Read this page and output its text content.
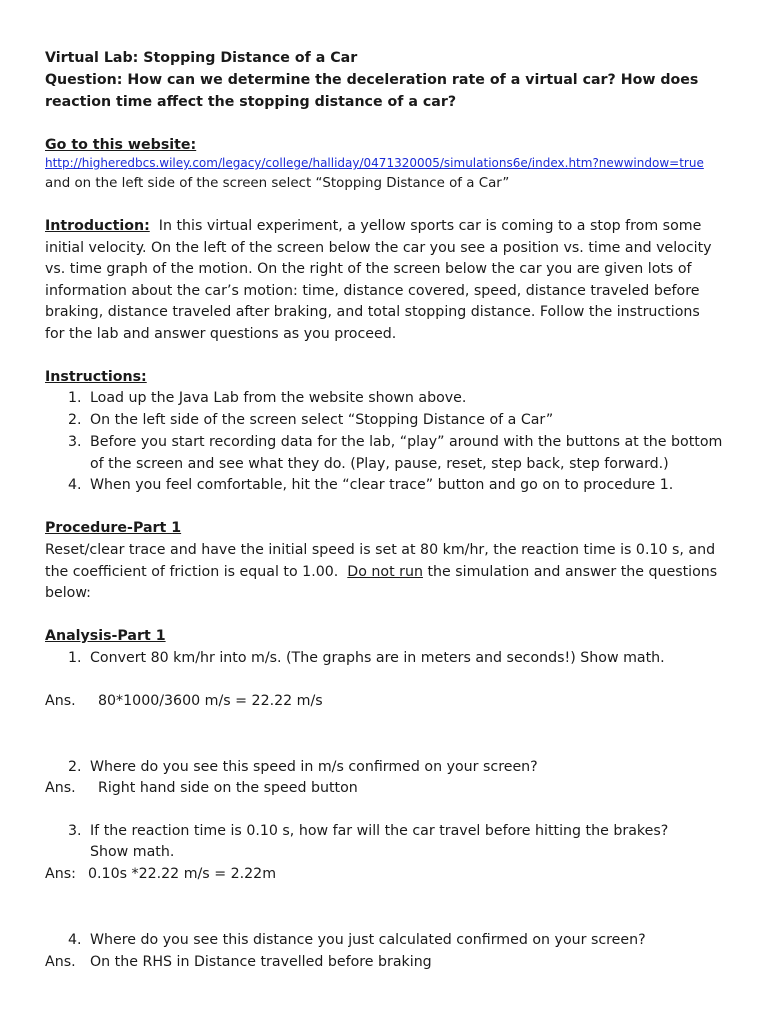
Virtual Lab: Stopping Distance of a Car
Question: How can we determine the deceleration rate of a virtual car? How does
reaction time affect the stopping distance of a car?
Go to this website:
http://higheredbcs.wiley.com/legacy/college/halliday/0471320005/simulations6e/index.htm?newwindow=true
and on the left side of the screen select “Stopping Distance of a Car”
Introduction:  In this virtual experiment, a yellow sports car is coming to a stop from some
initial velocity. On the left of the screen below the car you see a position vs. time and velocity
vs. time graph of the motion. On the right of the screen below the car you are given lots of
information about the car’s motion: time, distance covered, speed, distance traveled before
braking, distance traveled after braking, and total stopping distance. Follow the instructions
for the lab and answer questions as you proceed.
Instructions:
1. Load up the Java Lab from the website shown above.
2. On the left side of the screen select “Stopping Distance of a Car”
3. Before you start recording data for the lab, “play” around with the buttons at the bottom
of the screen and see what they do. (Play, pause, reset, step back, step forward.)
4. When you feel comfortable, hit the “clear trace” button and go on to procedure 1.
Procedure-Part 1
Reset/clear trace and have the initial speed is set at 80 km/hr, the reaction time is 0.10 s, and
the coefficient of friction is equal to 1.00.  Do not run the simulation and answer the questions
below:
Analysis-Part 1
1. Convert 80 km/hr into m/s. (The graphs are in meters and seconds!) Show math.
Ans. 80*1000/3600 m/s = 22.22 m/s
2. Where do you see this speed in m/s confirmed on your screen?
Ans. Right hand side on the speed button
3. If the reaction time is 0.10 s, how far will the car travel before hitting the brakes?
Show math.
Ans: 0.10s *22.22 m/s = 2.22m
4. Where do you see this distance you just calculated confirmed on your screen?
Ans. On the RHS in Distance travelled before braking
